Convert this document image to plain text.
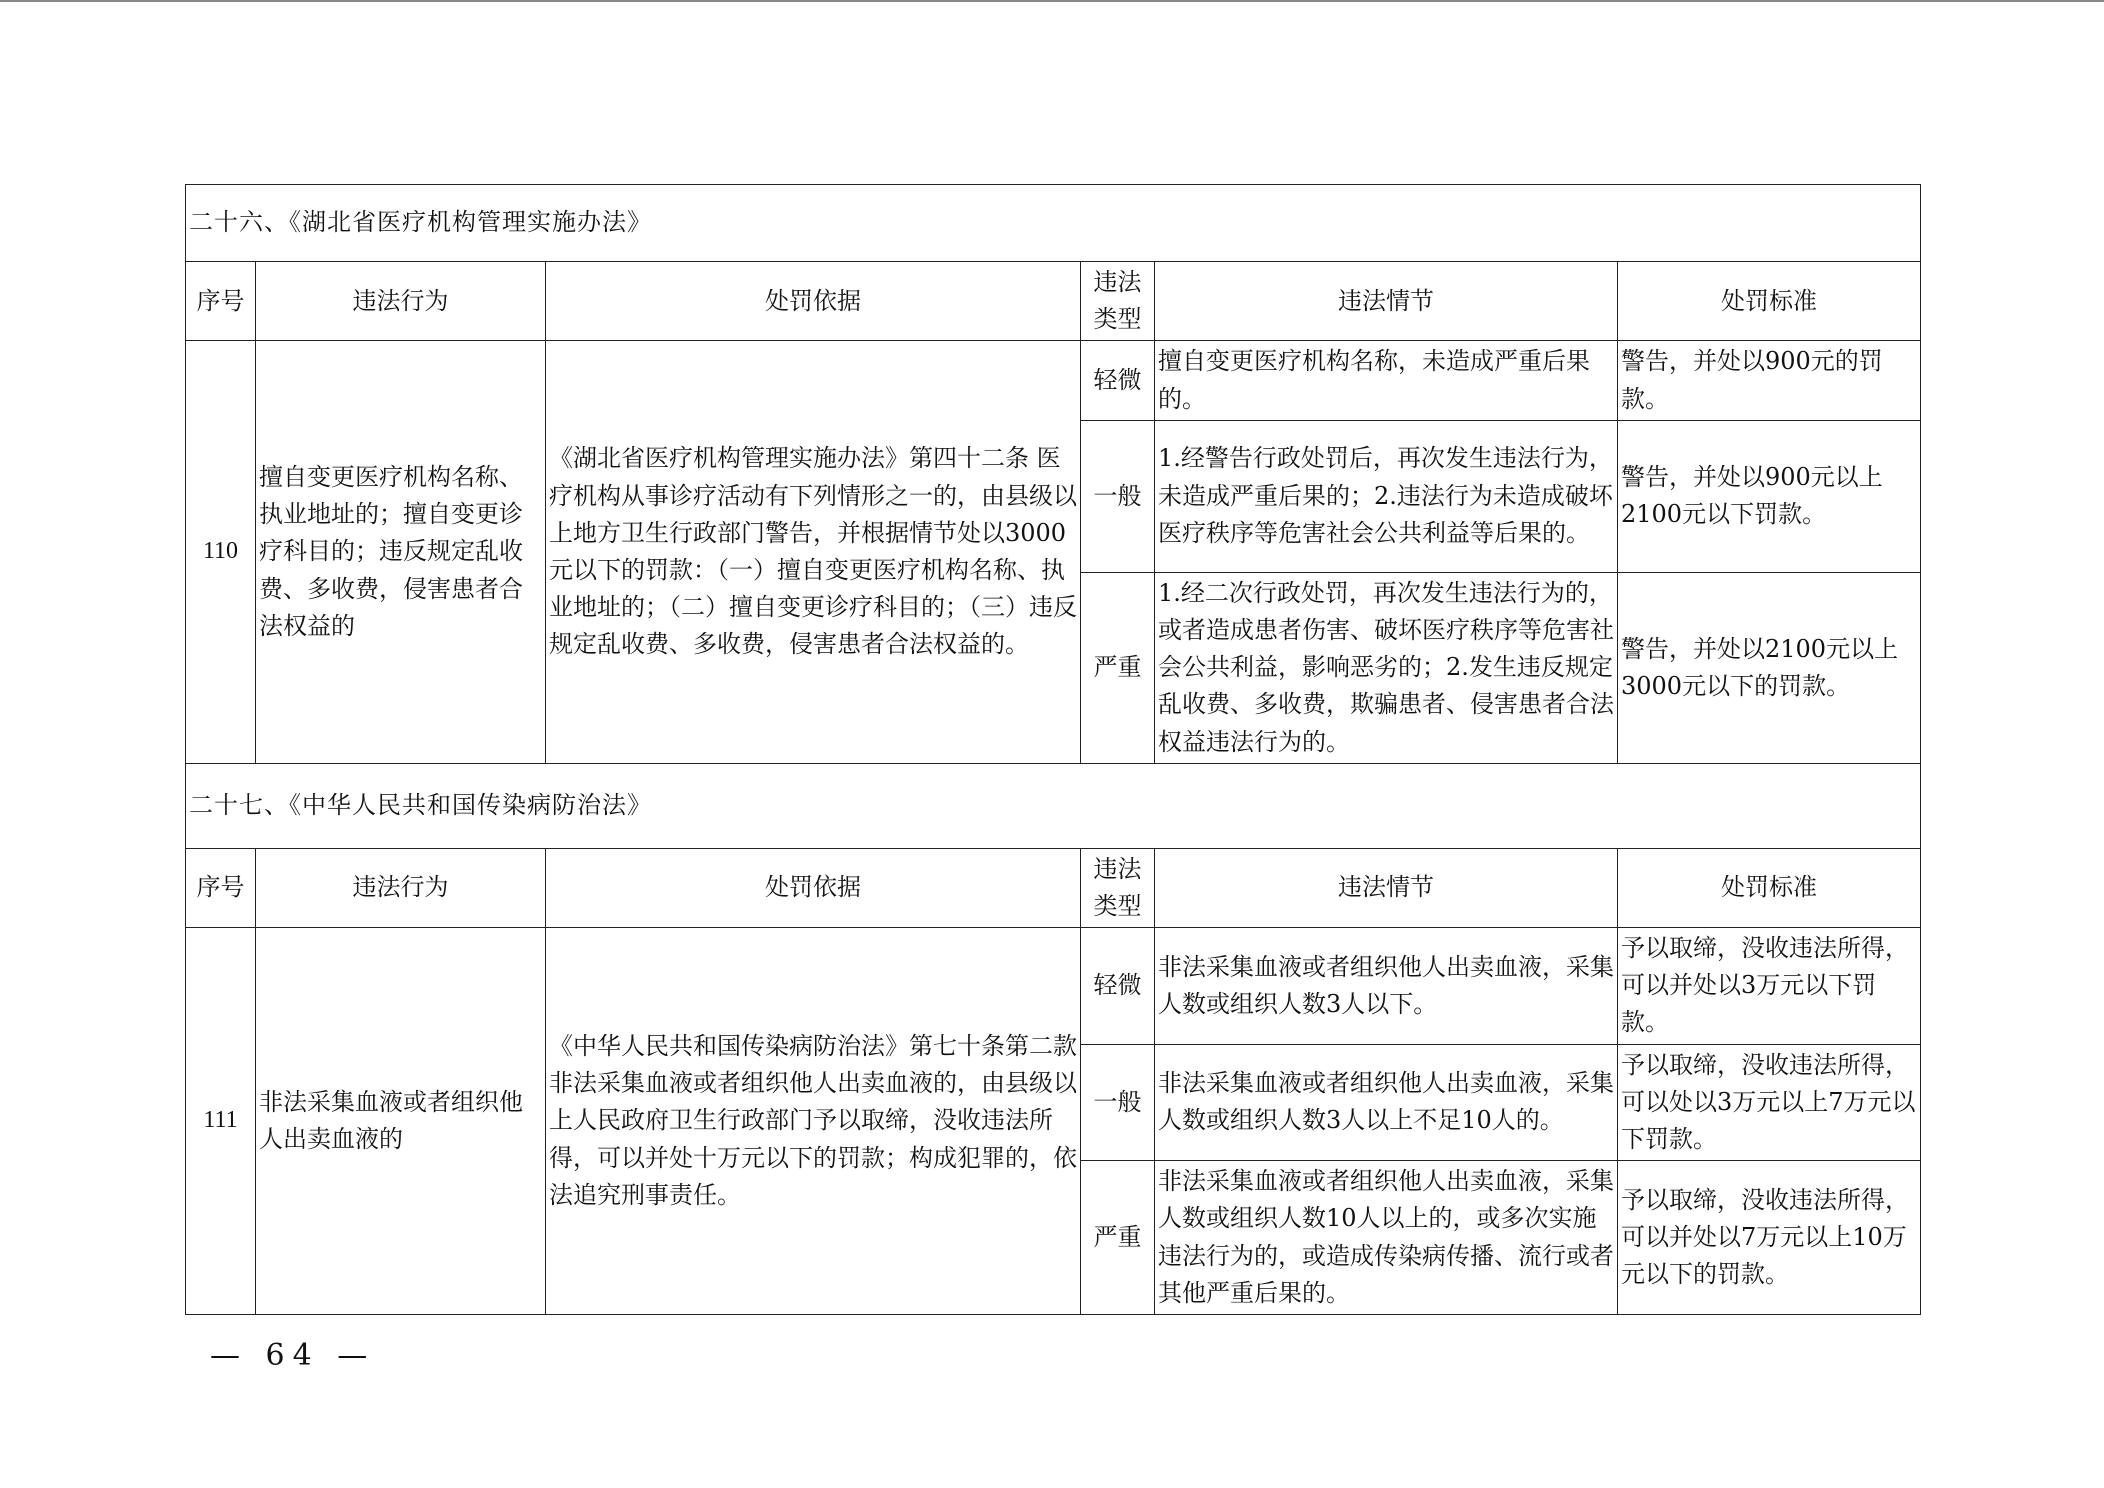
二十六、《湖北省医疗机构管理实施办法》					
序号	违法行为	处罚依据	违法类型	违法情节	处罚标准
110	擅自变更医疗机构名称、执业地址的；擅自变更诊疗科目的；违反规定乱收费、多收费，侵害患者合法权益的	《湖北省医疗机构管理实施办法》第四十二条 医疗机构从事诊疗活动有下列情形之一的，由县级以上地方卫生行政部门警告，并根据情节处以3000元以下的罚款：（一）擅自变更医疗机构名称、执业地址的；（二）擅自变更诊疗科目的；（三）违反规定乱收费、多收费，侵害患者合法权益的。	轻微	擅自变更医疗机构名称，未造成严重后果的。	警告，并处以900元的罚款。
			一般	1.经警告行政处罚后，再次发生违法行为，未造成严重后果的；2.违法行为未造成破坏医疗秩序等危害社会公共利益等后果的。	警告，并处以900元以上2100元以下罚款。
			严重	1.经二次行政处罚，再次发生违法行为的，或者造成患者伤害、破坏医疗秩序等危害社会公共利益，影响恶劣的；2.发生违反规定乱收费、多收费，欺骗患者、侵害患者合法权益违法行为的。	警告，并处以2100元以上3000元以下的罚款。
二十七、《中华人民共和国传染病防治法》					
序号	违法行为	处罚依据	违法类型	违法情节	处罚标准
111	非法采集血液或者组织他人出卖血液的	《中华人民共和国传染病防治法》第七十条第二款 非法采集血液或者组织他人出卖血液的，由县级以上人民政府卫生行政部门予以取缔，没收违法所得，可以并处十万元以下的罚款；构成犯罪的，依法追究刑事责任。	轻微	非法采集血液或者组织他人出卖血液，采集人数或组织人数3人以下。	予以取缔，没收违法所得，可以并处以3万元以下罚款。
			一般	非法采集血液或者组织他人出卖血液，采集人数或组织人数3人以上不足10人的。	予以取缔，没收违法所得，可以处以3万元以上7万元以下罚款。
			严重	非法采集血液或者组织他人出卖血液，采集人数或组织人数10人以上的，或多次实施违法行为的，或造成传染病传播、流行或者其他严重后果的。	予以取缔，没收违法所得，可以并处以7万元以上10万元以下的罚款。
— 64 —
